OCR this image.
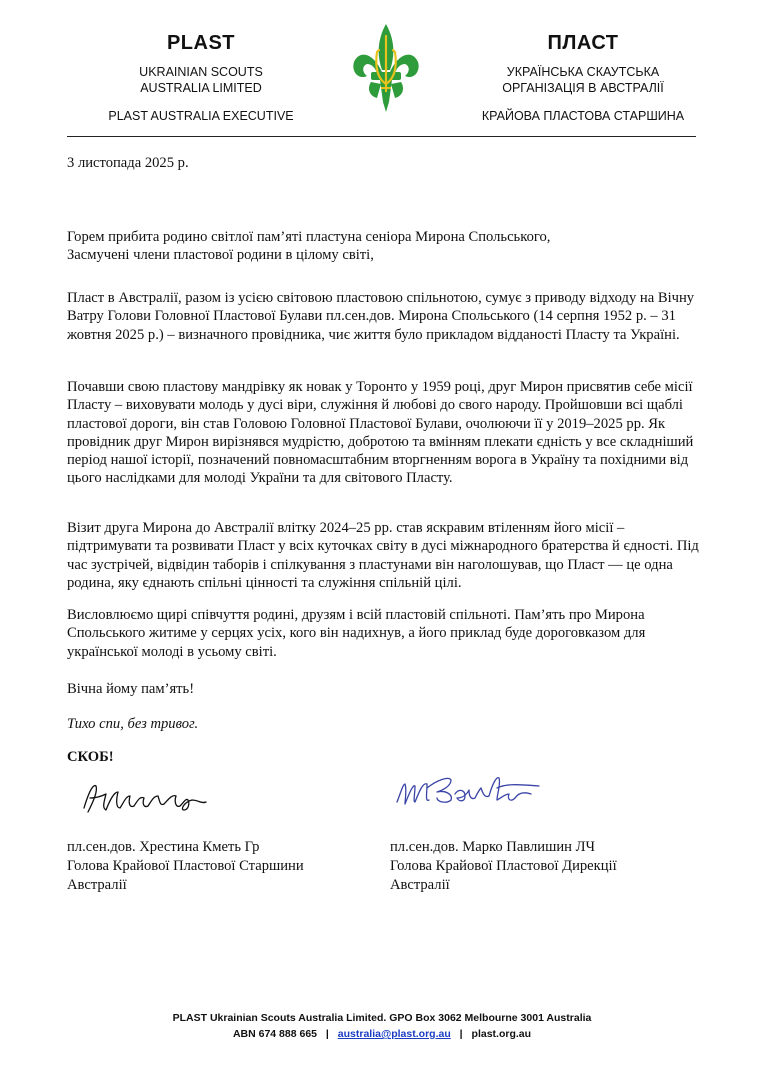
PLAST
UKRAINIAN SCOUTS
AUSTRALIA LIMITED
PLAST AUSTRALIA EXECUTIVE
ПЛАСТ
УКРАЇНСЬКА СКАУТСЬКА
ОРГАНІЗАЦІЯ В АВСТРАЛІЇ
КРАЙОВА ПЛАСТОВА СТАРШИНА
3 листопада 2025 р.

Горем прибита родино світлої пам’яті пластуна сеніора Мирона Спольського,

Засмучені члени пластової родини в цілому світі,

Пласт в Австралії, разом із усією світовою пластовою спільнотою, сумує з приводу відходу на Вічну Ватру Голови Головної Пластової Булави пл.сен.дов. Мирона Спольського (14 серпня 1952 р. – 31 жовтня 2025 р.) – визначного провідника, чиє життя було прикладом відданості Пласту та Україні.

Почавши свою пластову мандрівку як новак у Торонто у 1959 році, друг Мирон присвятив себе місії Пласту – виховувати молодь у дусі віри, служіння й любові до свого народу. Пройшовши всі щаблі пластової дороги, він став Головою Головної Пластової Булави, очолюючи її у 2019–2025 рр. Як провідник друг Мирон вирізнявся мудрістю, добротою та вмінням плекати єдність у все складніший період нашої історії, позначений повномасштабним вторгненням ворога в Україну та похідними від цього наслідками для молоді України та для світового Пласту.

Візит друга Мирона до Австралії влітку 2024–25 рр. став яскравим втіленням його місії – підтримувати та розвивати Пласт у всіх куточках світу в дусі міжнародного братерства й єдності. Під час зустрічей, відвідин таборів і спілкування з пластунами він наголошував, що Пласт — це одна родина, яку єднають спільні цінності та служіння спільній цілі.

Висловлюємо щирі співчуття родині, друзям і всій пластовій спільноті. Пам’ять про Мирона Спольського житиме у серцях усіх, кого він надихнув, а його приклад буде дороговказом для української молоді в усьому світі.

Вічна йому пам’ять!
Тихо спи, без тривог.
СКОБ!
пл.сен.дов. Хрестина Кметь Гр
Голова Крайової Пластової Старшини
Австралії
пл.сен.дов. Марко Павлишин ЛЧ
Голова Крайової Пластової Дирекції
Австралії
PLAST Ukrainian Scouts Australia Limited. GPO Box 3062 Melbourne 3001 Australia
ABN 674 888 665 | australia@plast.org.au | plast.org.au
